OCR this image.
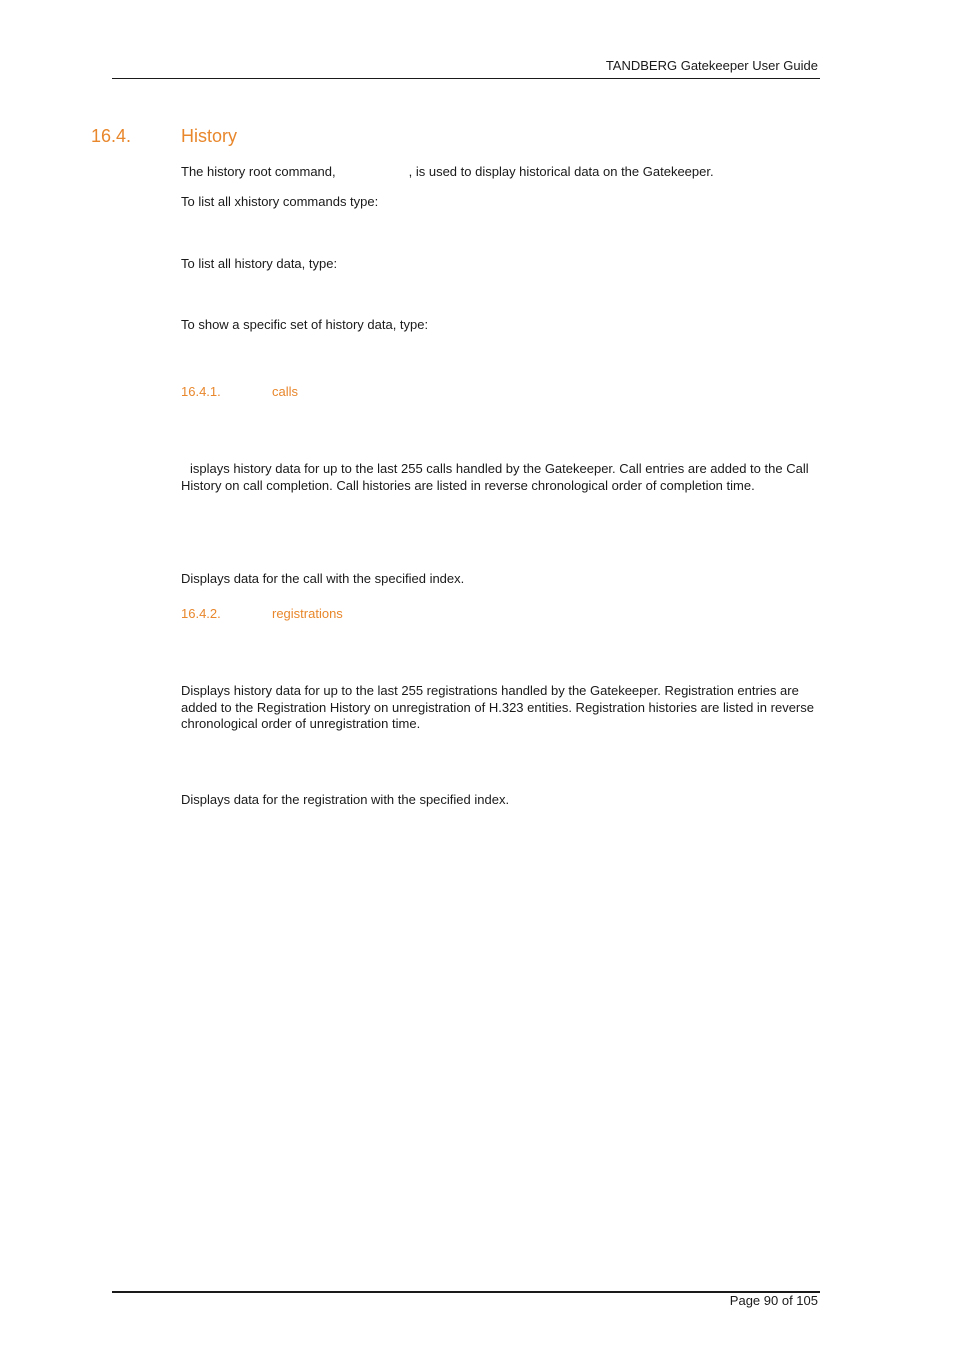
TANDBERG Gatekeeper User Guide
16.4.	History
The history root command,	, is used to display historical data on the Gatekeeper.
To list all xhistory commands type:
To list all history data, type:
To show a specific set of history data, type:
16.4.1.	calls
isplays history data for up to the last 255 calls handled by the Gatekeeper. Call entries are added to the Call History on call completion. Call histories are listed in reverse chronological order of completion time.
Displays data for the call with the specified index.
16.4.2.	registrations
Displays history data for up to the last 255 registrations handled by the Gatekeeper. Registration entries are added to the Registration History on unregistration of H.323 entities. Registration histories are listed in reverse chronological order of unregistration time.
Displays data for the registration with the specified index.
Page 90 of 105
